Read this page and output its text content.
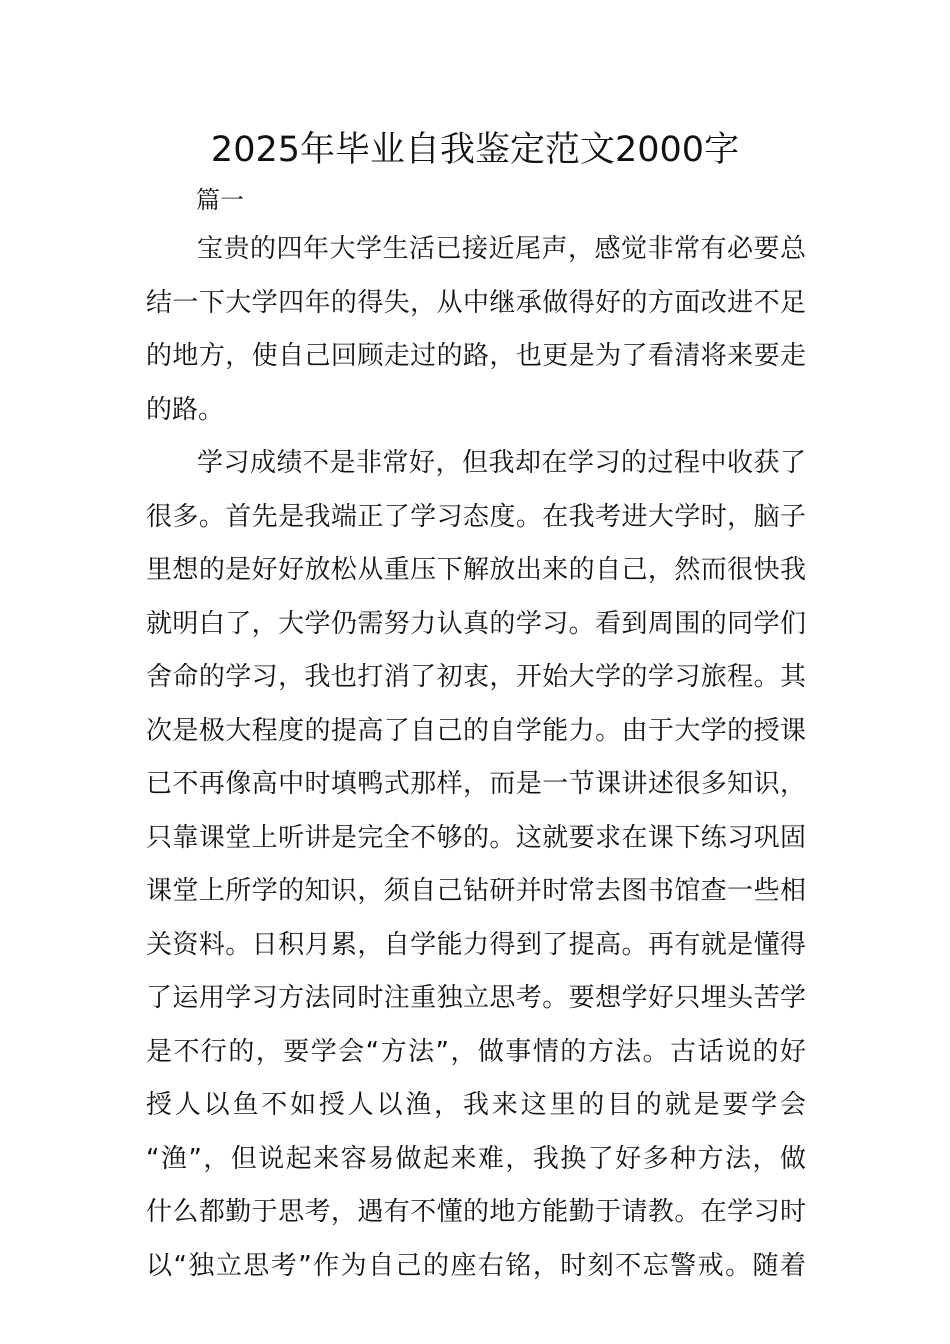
2025年毕业自我鉴定范文2000字
篇一
宝贵的四年大学生活已接近尾声，感觉非常有必要总
结一下大学四年的得失，从中继承做得好的方面改进不足
的地方，使自己回顾走过的路，也更是为了看清将来要走
的路。
学习成绩不是非常好，但我却在学习的过程中收获了
很多。首先是我端正了学习态度。在我考进大学时，脑子
里想的是好好放松从重压下解放出来的自己，然而很快我
就明白了，大学仍需努力认真的学习。看到周围的同学们
舍命的学习，我也打消了初衷，开始大学的学习旅程。其
次是极大程度的提高了自己的自学能力。由于大学的授课
已不再像高中时填鸭式那样，而是一节课讲述很多知识，
只靠课堂上听讲是完全不够的。这就要求在课下练习巩固
课堂上所学的知识，须自己钻研并时常去图书馆查一些相
关资料。日积月累，自学能力得到了提高。再有就是懂得
了运用学习方法同时注重独立思考。要想学好只埋头苦学
是不行的，要学会“方法”，做事情的方法。古话说的好
授人以鱼不如授人以渔，我来这里的目的就是要学会
“渔”，但说起来容易做起来难，我换了好多种方法，做
什么都勤于思考，遇有不懂的地方能勤于请教。在学习时
以“独立思考”作为自己的座右铭，时刻不忘警戒。随着
